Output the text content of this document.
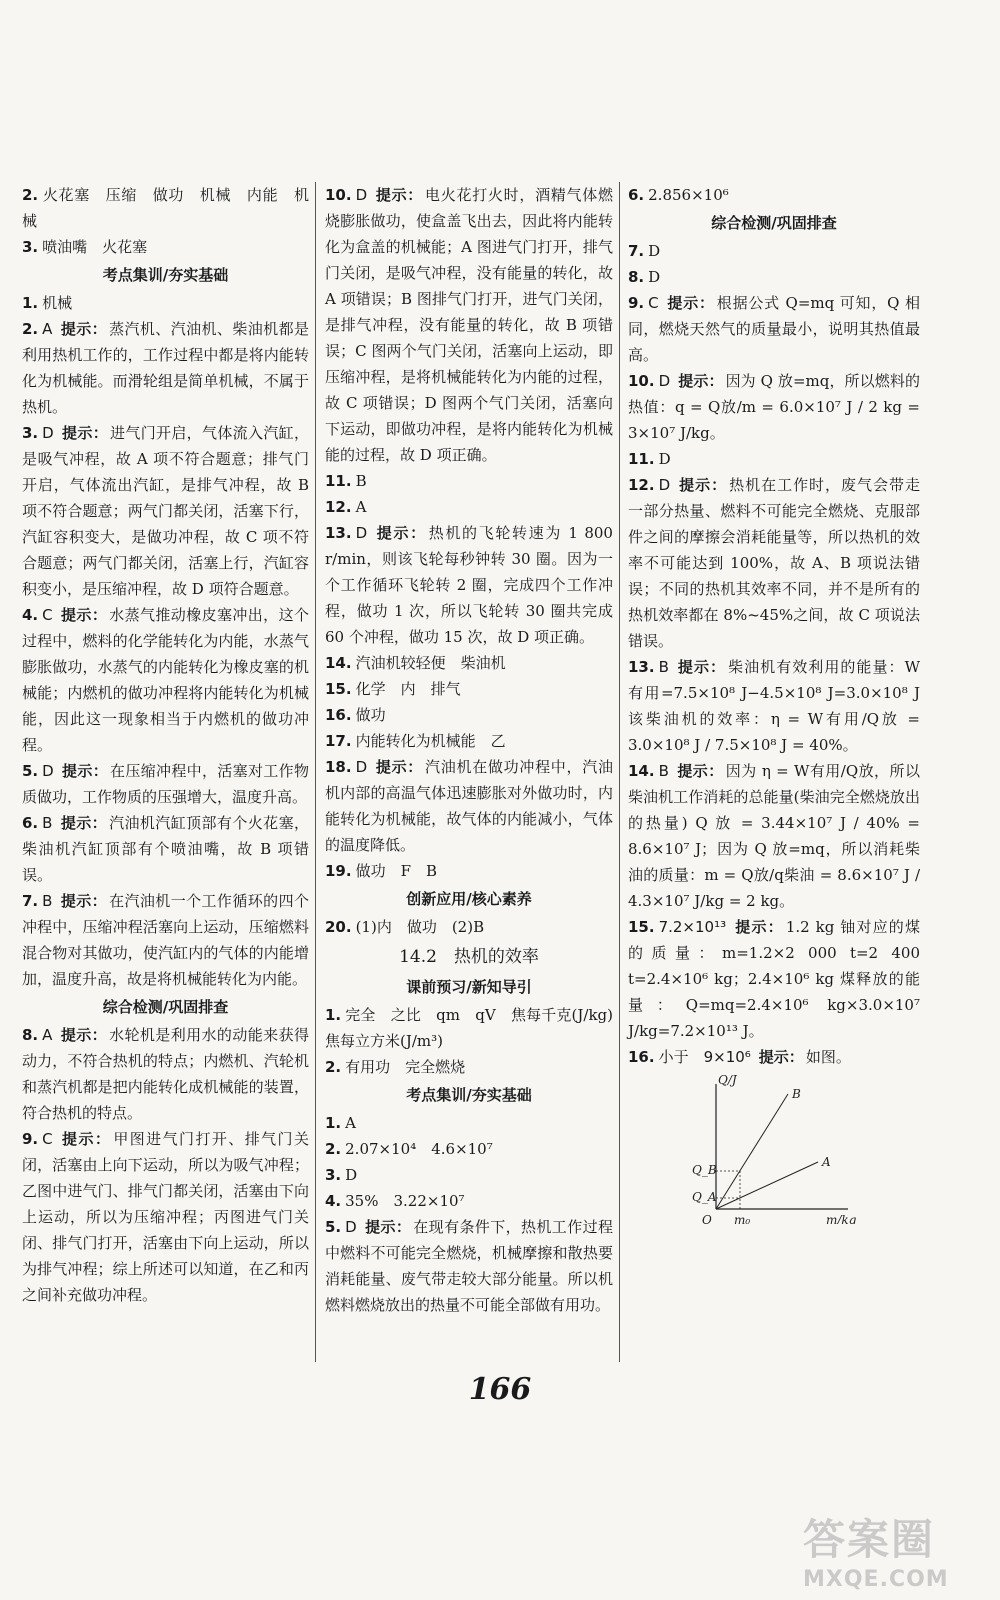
2. 火花塞　压缩　做功　机械　内能　机械

3. 喷油嘴　火花塞

考点集训/夯实基础

1. 机械

2. A 提示： 蒸汽机、汽油机、柴油机都是利用热机工作的，工作过程中都是将内能转化为机械能。而滑轮组是简单机械，不属于热机。

3. D 提示： 进气门开启，气体流入汽缸，是吸气冲程，故 A 项不符合题意；排气门开启，气体流出汽缸，是排气冲程，故 B 项不符合题意；两气门都关闭，活塞下行，汽缸容积变大，是做功冲程，故 C 项不符合题意；两气门都关闭，活塞上行，汽缸容积变小，是压缩冲程，故 D 项符合题意。

4. C 提示： 水蒸气推动橡皮塞冲出，这个过程中，燃料的化学能转化为内能，水蒸气膨胀做功，水蒸气的内能转化为橡皮塞的机械能；内燃机的做功冲程将内能转化为机械能，因此这一现象相当于内燃机的做功冲程。

5. D 提示： 在压缩冲程中，活塞对工作物质做功，工作物质的压强增大，温度升高。

6. B 提示： 汽油机汽缸顶部有个火花塞，柴油机汽缸顶部有个喷油嘴，故 B 项错误。

7. B 提示： 在汽油机一个工作循环的四个冲程中，压缩冲程活塞向上运动，压缩燃料混合物对其做功，使汽缸内的气体的内能增加，温度升高，故是将机械能转化为内能。

综合检测/巩固排查

8. A 提示： 水轮机是利用水的动能来获得动力，不符合热机的特点；内燃机、汽轮机和蒸汽机都是把内能转化成机械能的装置，符合热机的特点。

9. C 提示： 甲图进气门打开、排气门关闭，活塞由上向下运动，所以为吸气冲程；乙图中进气门、排气门都关闭，活塞由下向上运动，所以为压缩冲程；丙图进气门关闭、排气门打开，活塞由下向上运动，所以为排气冲程；综上所述可以知道，在乙和丙之间补充做功冲程。

10. D 提示： 电火花打火时，酒精气体燃烧膨胀做功，使盒盖飞出去，因此将内能转化为盒盖的机械能；A 图进气门打开，排气门关闭，是吸气冲程，没有能量的转化，故 A 项错误；B 图排气门打开，进气门关闭，是排气冲程，没有能量的转化，故 B 项错误；C 图两个气门关闭，活塞向上运动，即压缩冲程，是将机械能转化为内能的过程，故 C 项错误；D 图两个气门关闭，活塞向下运动，即做功冲程，是将内能转化为机械能的过程，故 D 项正确。

11. B

12. A

13. D 提示： 热机的飞轮转速为 1 800 r/min，则该飞轮每秒钟转 30 圈。因为一个工作循环飞轮转 2 圈，完成四个工作冲程，做功 1 次，所以飞轮转 30 圈共完成 60 个冲程，做功 15 次，故 D 项正确。

14. 汽油机较轻便　柴油机

15. 化学　内　排气

16. 做功

17. 内能转化为机械能　乙

18. D 提示： 汽油机在做功冲程中，汽油机内部的高温气体迅速膨胀对外做功时，内能转化为机械能，故气体的内能减小，气体的温度降低。

19. 做功　F　B

创新应用/核心素养

20. (1)内　做功　(2)B

14.2　热机的效率
课前预习/新知导引

1. 完全　之比　qm　qV　焦每千克(J/kg)　焦每立方米(J/m³)

2. 有用功　完全燃烧

考点集训/夯实基础

1. A

2. 2.07×10⁴　4.6×10⁷

3. D

4. 35%　3.22×10⁷

5. D 提示： 在现有条件下，热机工作过程中燃料不可能完全燃烧，机械摩擦和散热要消耗能量、废气带走较大部分能量。所以机燃料燃烧放出的热量不可能全部做有用功。

6. 2.856×10⁶

综合检测/巩固排查

7. D

8. D

9. C 提示： 根据公式 Q=mq 可知，Q 相同，燃烧天然气的质量最小，说明其热值最高。

10. D 提示： 因为 Q 放=mq，所以燃料的热值：q = Q放/m = 6.0×10⁷ J / 2 kg = 3×10⁷ J/kg。

11. D

12. D 提示： 热机在工作时，废气会带走一部分热量、燃料不可能完全燃烧、克服部件之间的摩擦会消耗能量等，所以热机的效率不可能达到 100%，故 A、B 项说法错误；不同的热机其效率不同，并不是所有的热机效率都在 8%~45%之间，故 C 项说法错误。

13. B 提示： 柴油机有效利用的能量：W 有用=7.5×10⁸ J−4.5×10⁸ J=3.0×10⁸ J　该柴油机的效率：η = W有用/Q放 = 3.0×10⁸ J / 7.5×10⁸ J = 40%。

14. B 提示： 因为 η = W有用/Q放，所以柴油机工作消耗的总能量(柴油完全燃烧放出的热量) Q 放 = 3.44×10⁷ J / 40% = 8.6×10⁷ J；因为 Q 放=mq，所以消耗柴油的质量：m = Q放/q柴油 = 8.6×10⁷ J / 4.3×10⁷ J/kg = 2 kg。

15. 7.2×10¹³ 提示： 1.2 kg 铀对应的煤的质量：m=1.2×2 000 t=2 400 t=2.4×10⁶ kg；2.4×10⁶ kg 煤释放的能量：Q=mq=2.4×10⁶ kg×3.0×10⁷ J/kg=7.2×10¹³ J。

16. 小于　9×10⁶ 提示： 如图。

Q/J
m/kg
O
B
A
Q_B
Q_A
m₀
166
答案圈
MXQE.COM
